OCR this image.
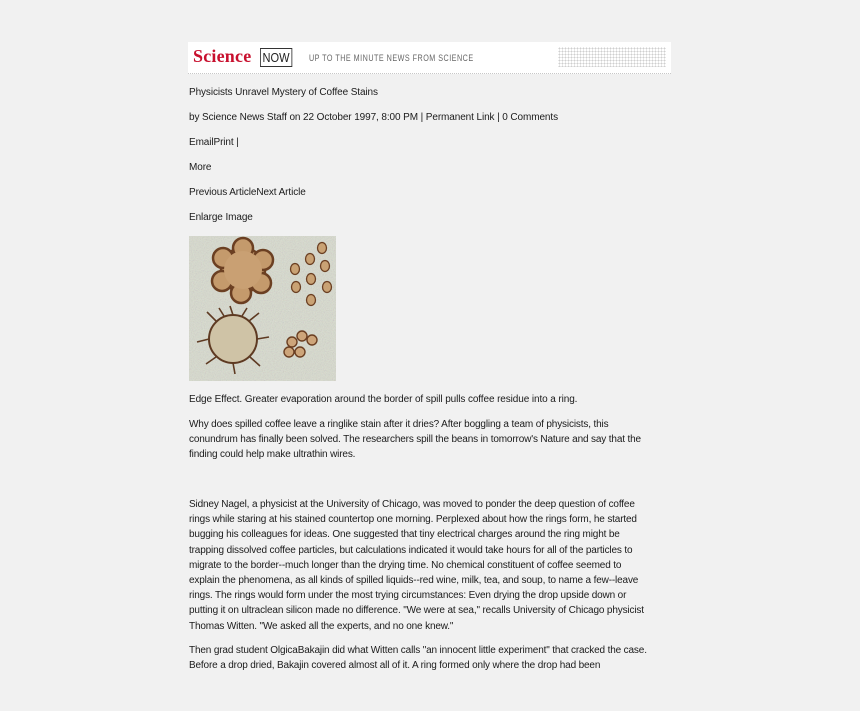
Science NOW UP TO THE MINUTE NEWS FROM SCIENCE
Physicists Unravel Mystery of Coffee Stains
by Science News Staff on 22 October 1997, 8:00 PM | Permanent Link | 0 Comments
EmailPrint |
More
Previous ArticleNext Article
Enlarge Image
Edge Effect. Greater evaporation around the border of spill pulls coffee residue into a ring.
Why does spilled coffee leave a ringlike stain after it dries? After boggling a team of physicists, this conundrum has finally been solved. The researchers spill the beans in tomorrow's Nature and say that the finding could help make ultrathin wires.
Sidney Nagel, a physicist at the University of Chicago, was moved to ponder the deep question of coffee rings while staring at his stained countertop one morning. Perplexed about how the rings form, he started bugging his colleagues for ideas. One suggested that tiny electrical charges around the ring might be trapping dissolved coffee particles, but calculations indicated it would take hours for all of the particles to migrate to the border--much longer than the drying time. No chemical constituent of coffee seemed to explain the phenomena, as all kinds of spilled liquids--red wine, milk, tea, and soup, to name a few--leave rings. The rings would form under the most trying circumstances: Even drying the drop upside down or putting it on ultraclean silicon made no difference. "We were at sea," recalls University of Chicago physicist Thomas Witten. "We asked all the experts, and no one knew."
Then grad student OlgicaBakajin did what Witten calls "an innocent little experiment" that cracked the case. Before a drop dried, Bakajin covered almost all of it. A ring formed only where the drop had been
